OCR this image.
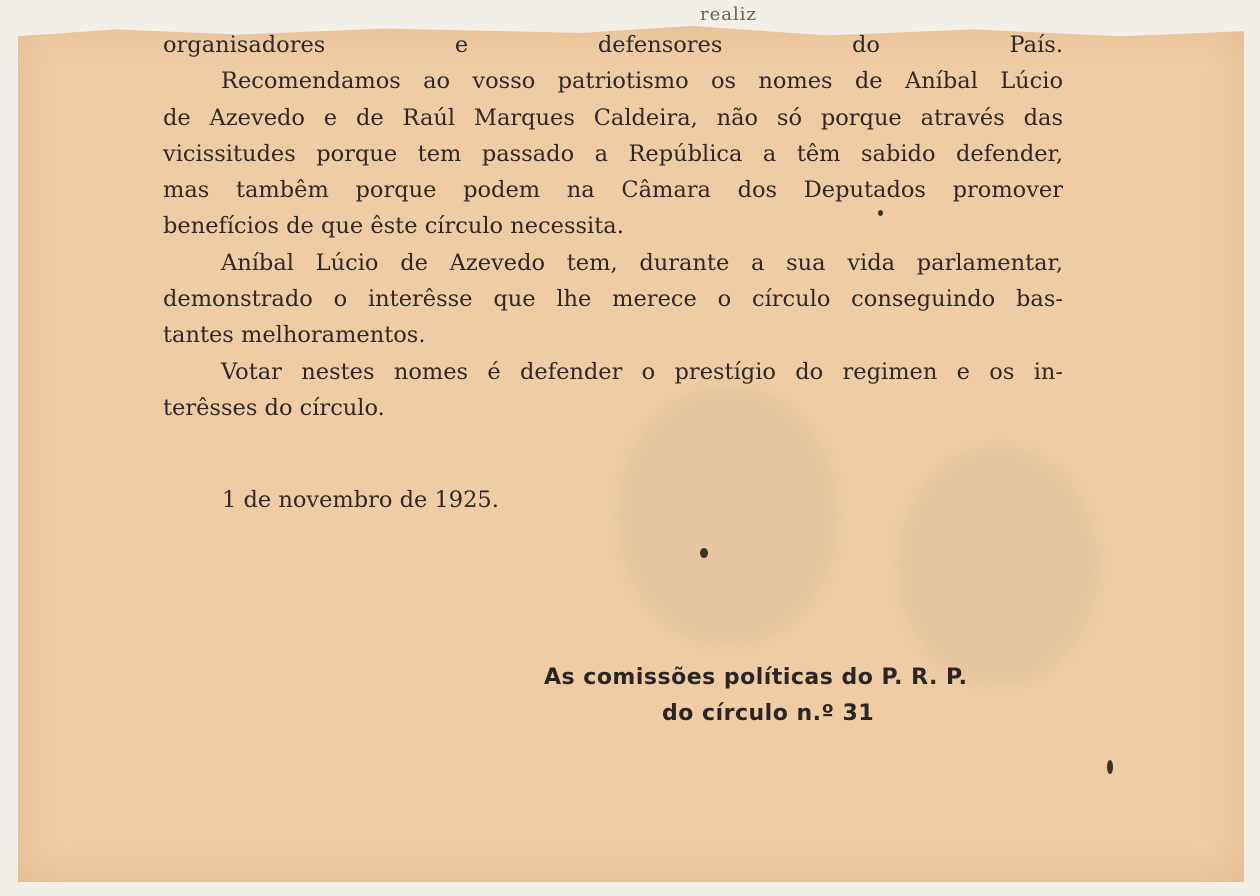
realiz
organisadores e defensores do País.
Recomendamos ao vosso patriotismo os nomes de Aníbal Lúcio
de Azevedo e de Raúl Marques Caldeira, não só porque através das
vicissitudes porque tem passado a República a têm sabido defender,
mas tambêm porque podem na Câmara dos Deputados promover
benefícios de que êste círculo necessita.
Aníbal Lúcio de Azevedo tem, durante a sua vida parlamentar,
demonstrado o interêsse que lhe merece o círculo conseguindo bas-
tantes melhoramentos.
Votar nestes nomes é defender o prestígio do regimen e os in-
terêsses do círculo.
1 de novembro de 1925.
As comissões políticas do P. R. P.
do círculo n.º 31
